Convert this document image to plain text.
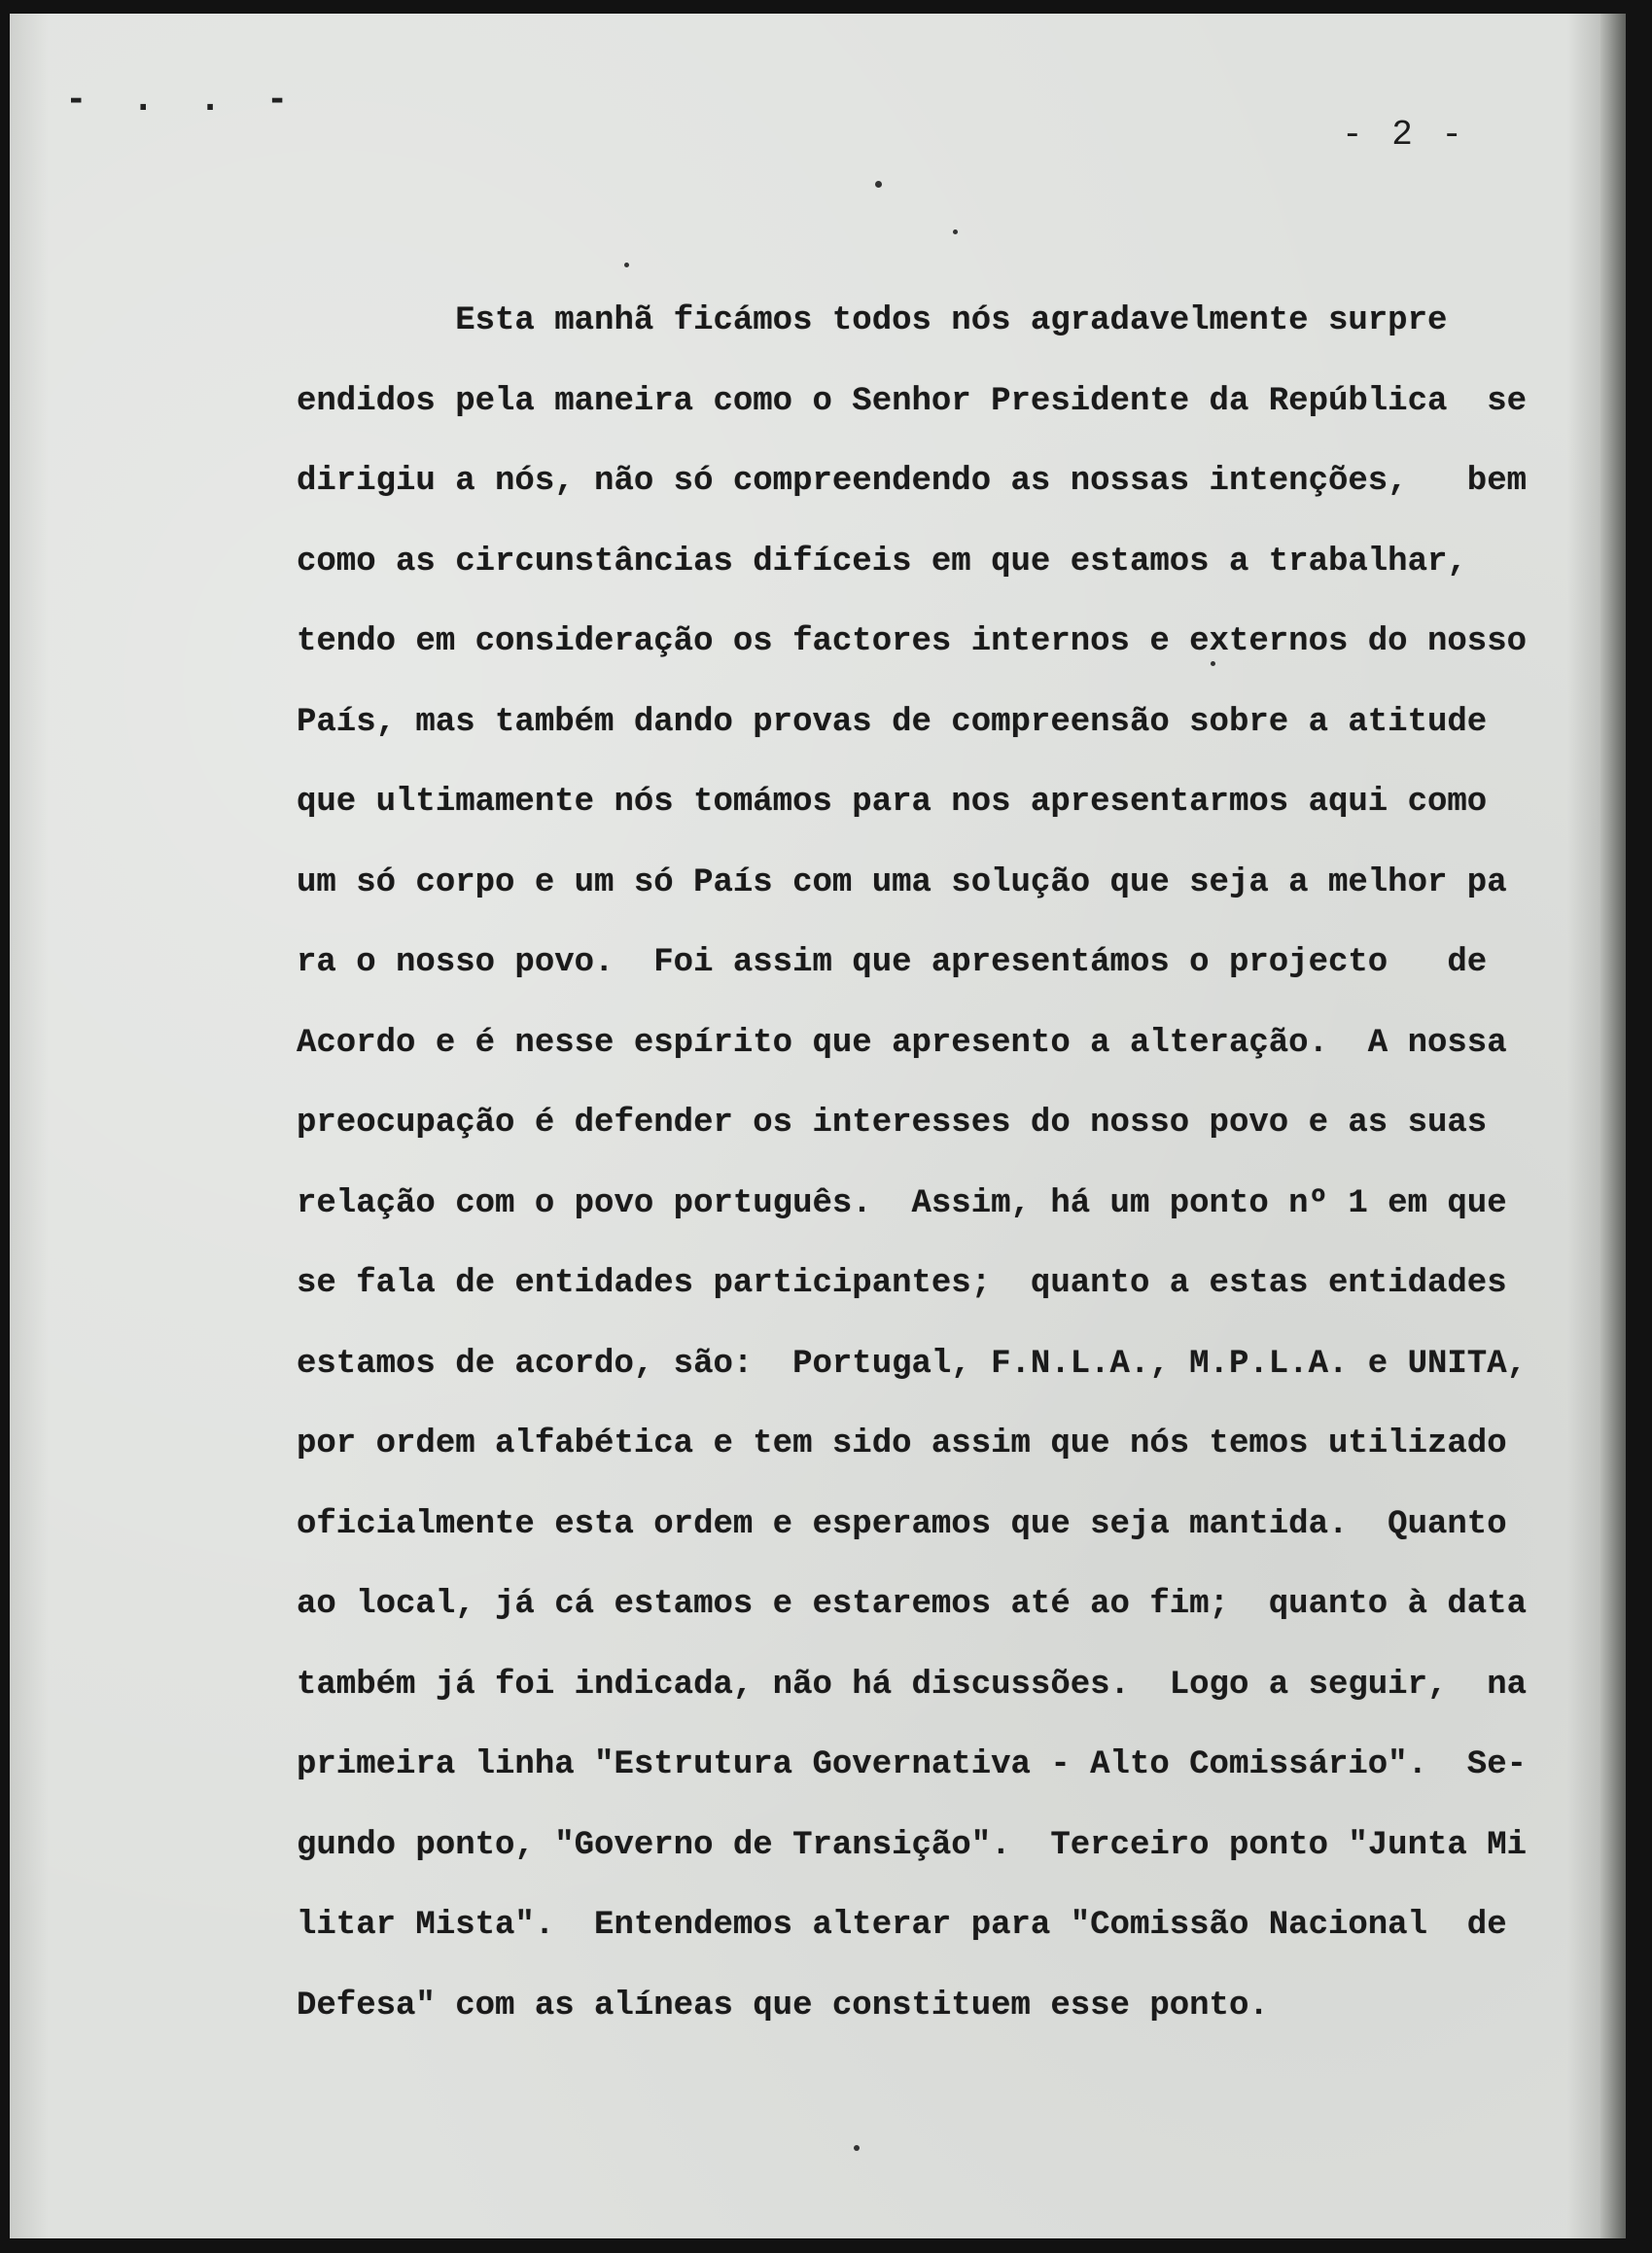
- . . -
- 2 -
Esta manhã ficámos todos nós agradavelmente surpre
endidos pela maneira como o Senhor Presidente da República  se
dirigiu a nós, não só compreendendo as nossas intenções,   bem
como as circunstâncias difíceis em que estamos a trabalhar,
tendo em consideração os factores internos e externos do nosso
País, mas também dando provas de compreensão sobre a atitude
que ultimamente nós tomámos para nos apresentarmos aqui como
um só corpo e um só País com uma solução que seja a melhor pa
ra o nosso povo.  Foi assim que apresentámos o projecto   de
Acordo e é nesse espírito que apresento a alteração.  A nossa
preocupação é defender os interesses do nosso povo e as suas
relação com o povo português.  Assim, há um ponto nº 1 em que
se fala de entidades participantes;  quanto a estas entidades
estamos de acordo, são:  Portugal, F.N.L.A., M.P.L.A. e UNITA,
por ordem alfabética e tem sido assim que nós temos utilizado
oficialmente esta ordem e esperamos que seja mantida.  Quanto
ao local, já cá estamos e estaremos até ao fim;  quanto à data
também já foi indicada, não há discussões.  Logo a seguir,  na
primeira linha "Estrutura Governativa - Alto Comissário".  Se-
gundo ponto, "Governo de Transição".  Terceiro ponto "Junta Mi
litar Mista".  Entendemos alterar para "Comissão Nacional  de
Defesa" com as alíneas que constituem esse ponto.
